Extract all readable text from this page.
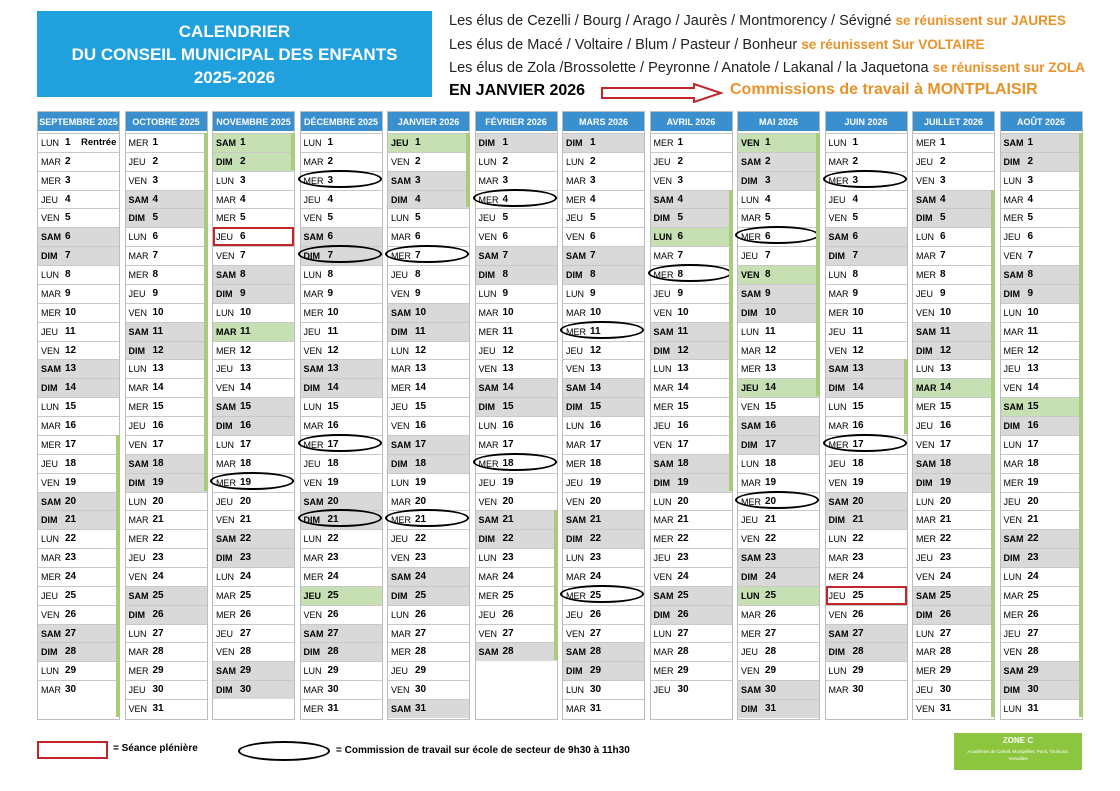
CALENDRIER
DU CONSEIL MUNICIPAL DES ENFANTS
2025-2026
Les élus de Cezelli / Bourg / Arago / Jaurès / Montmorency / Sévigné se réunissent sur JAURES
Les élus de Macé / Voltaire / Blum / Pasteur / Bonheur se réunissent Sur VOLTAIRE
Les élus de Zola /Brossolette / Peyronne / Anatole / Lakanal / la Jaquetona se réunissent sur ZOLA
EN JANVIER 2026	Commissions de travail à MONTPLAISIR
SEPTEMBRE 2025
LUN 1 Rentrée
MAR 2
MER 3
JEU 4
VEN 5
SAM 6
DIM 7
LUN 8
MAR 9
MER 10
JEU 11
VEN 12
SAM 13
DIM 14
LUN 15
MAR 16
MER 17
JEU 18
VEN 19
SAM 20
DIM 21
LUN 22
MAR 23
MER 24
JEU 25
VEN 26
SAM 27
DIM 28
LUN 29
MAR 30
OCTOBRE 2025
MER 1
JEU 2
VEN 3
SAM 4
DIM 5
LUN 6
MAR 7
MER 8
JEU 9
VEN 10
SAM 11
DIM 12
LUN 13
MAR 14
MER 15
JEU 16
VEN 17
SAM 18
DIM 19
LUN 20
MAR 21
MER 22
JEU 23
VEN 24
SAM 25
DIM 26
LUN 27
MAR 28
MER 29
JEU 30
VEN 31
NOVEMBRE 2025
SAM 1
DIM 2
LUN 3
MAR 4
MER 5
JEU 6
VEN 7
SAM 8
DIM 9
LUN 10
MAR 11
MER 12
JEU 13
VEN 14
SAM 15
DIM 16
LUN 17
MAR 18
MER 19
JEU 20
VEN 21
SAM 22
DIM 23
LUN 24
MAR 25
MER 26
JEU 27
VEN 28
SAM 29
DIM 30
DÉCEMBRE 2025
LUN 1
MAR 2
MER 3
JEU 4
VEN 5
SAM 6
DIM 7
LUN 8
MAR 9
MER 10
JEU 11
VEN 12
SAM 13
DIM 14
LUN 15
MAR 16
MER 17
JEU 18
VEN 19
SAM 20
DIM 21
LUN 22
MAR 23
MER 24
JEU 25
VEN 26
SAM 27
DIM 28
LUN 29
MAR 30
MER 31
JANVIER 2026
JEU 1
VEN 2
SAM 3
DIM 4
LUN 5
MAR 6
MER 7
JEU 8
VEN 9
SAM 10
DIM 11
LUN 12
MAR 13
MER 14
JEU 15
VEN 16
SAM 17
DIM 18
LUN 19
MAR 20
MER 21
JEU 22
VEN 23
SAM 24
DIM 25
LUN 26
MAR 27
MER 28
JEU 29
VEN 30
SAM 31
FÉVRIER 2026
DIM 1
LUN 2
MAR 3
MER 4
JEU 5
VEN 6
SAM 7
DIM 8
LUN 9
MAR 10
MER 11
JEU 12
VEN 13
SAM 14
DIM 15
LUN 16
MAR 17
MER 18
JEU 19
VEN 20
SAM 21
DIM 22
LUN 23
MAR 24
MER 25
JEU 26
VEN 27
SAM 28
MARS 2026
DIM 1
LUN 2
MAR 3
MER 4
JEU 5
VEN 6
SAM 7
DIM 8
LUN 9
MAR 10
MER 11
JEU 12
VEN 13
SAM 14
DIM 15
LUN 16
MAR 17
MER 18
JEU 19
VEN 20
SAM 21
DIM 22
LUN 23
MAR 24
MER 25
JEU 26
VEN 27
SAM 28
DIM 29
LUN 30
MAR 31
AVRIL 2026
MER 1
JEU 2
VEN 3
SAM 4
DIM 5
LUN 6
MAR 7
MER 8
JEU 9
VEN 10
SAM 11
DIM 12
LUN 13
MAR 14
MER 15
JEU 16
VEN 17
SAM 18
DIM 19
LUN 20
MAR 21
MER 22
JEU 23
VEN 24
SAM 25
DIM 26
LUN 27
MAR 28
MER 29
JEU 30
MAI 2026
VEN 1
SAM 2
DIM 3
LUN 4
MAR 5
MER 6
JEU 7
VEN 8
SAM 9
DIM 10
LUN 11
MAR 12
MER 13
JEU 14
VEN 15
SAM 16
DIM 17
LUN 18
MAR 19
MER 20
JEU 21
VEN 22
SAM 23
DIM 24
LUN 25
MAR 26
MER 27
JEU 28
VEN 29
SAM 30
DIM 31
JUIN 2026
LUN 1
MAR 2
MER 3
JEU 4
VEN 5
SAM 6
DIM 7
LUN 8
MAR 9
MER 10
JEU 11
VEN 12
SAM 13
DIM 14
LUN 15
MAR 16
MER 17
JEU 18
VEN 19
SAM 20
DIM 21
LUN 22
MAR 23
MER 24
JEU 25
VEN 26
SAM 27
DIM 28
LUN 29
MAR 30
JUILLET 2026
MER 1
JEU 2
VEN 3
SAM 4
DIM 5
LUN 6
MAR 7
MER 8
JEU 9
VEN 10
SAM 11
DIM 12
LUN 13
MAR 14
MER 15
JEU 16
VEN 17
SAM 18
DIM 19
LUN 20
MAR 21
MER 22
JEU 23
VEN 24
SAM 25
DIM 26
LUN 27
MAR 28
MER 29
JEU 30
VEN 31
AOÛT 2026
SAM 1
DIM 2
LUN 3
MAR 4
MER 5
JEU 6
VEN 7
SAM 8
DIM 9
LUN 10
MAR 11
MER 12
JEU 13
VEN 14
SAM 15
DIM 16
LUN 17
MAR 18
MER 19
JEU 20
VEN 21
SAM 22
DIM 23
LUN 24
MAR 25
MER 26
JEU 27
VEN 28
SAM 29
DIM 30
LUN 31
= Séance plénière	= Commission de travail sur école de secteur de 9h30 à 11h30
ZONE C
Académies de Créteil, Montpellier, Paris, Toulouse, Versailles
